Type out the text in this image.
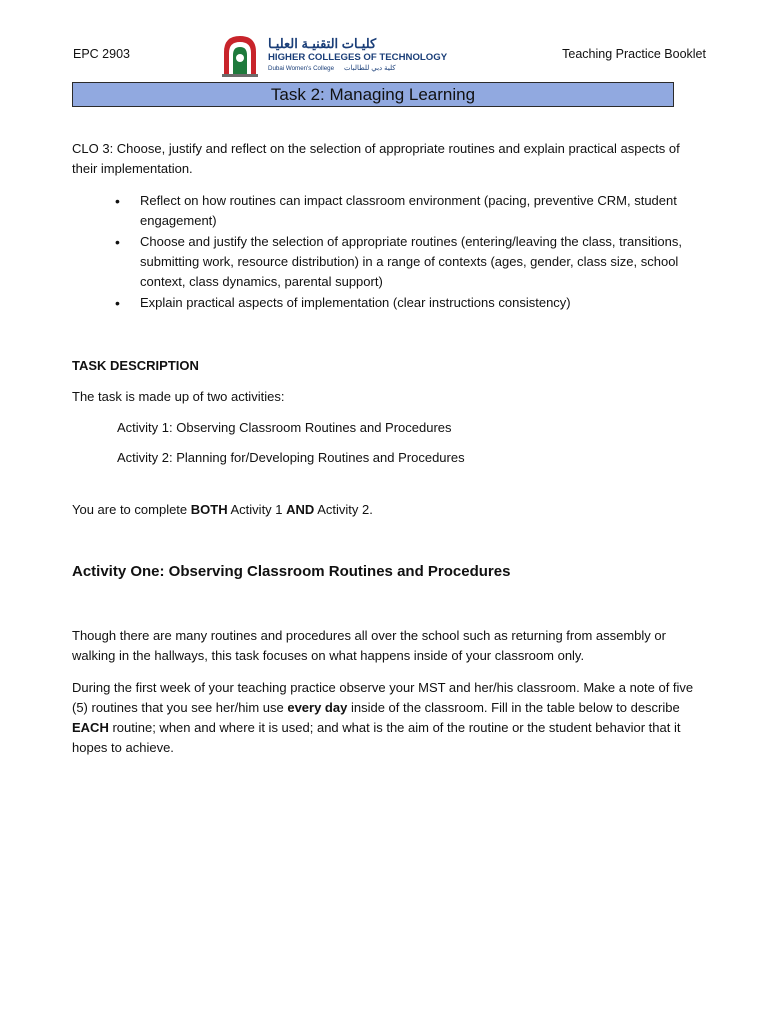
EPC 2903
كليـات التقنيـة العليـا
HIGHER COLLEGES OF TECHNOLOGY
Dubai Women's College كلية دبي للطالبات
Teaching Practice Booklet
Task 2: Managing Learning
CLO 3: Choose, justify and reflect on the selection of appropriate routines and explain practical aspects of their implementation.
• Reflect on how routines can impact classroom environment (pacing, preventive CRM, student engagement)
• Choose and justify the selection of appropriate routines (entering/leaving the class, transitions, submitting work, resource distribution) in a range of contexts (ages, gender, class size, school context, class dynamics, parental support)
• Explain practical aspects of implementation (clear instructions consistency)
TASK DESCRIPTION
The task is made up of two activities:
Activity 1: Observing Classroom Routines and Procedures
Activity 2: Planning for/Developing Routines and Procedures
You are to complete BOTH Activity 1 AND Activity 2.
Activity One: Observing Classroom Routines and Procedures
Though there are many routines and procedures all over the school such as returning from assembly or walking in the hallways, this task focuses on what happens inside of your classroom only.
During the first week of your teaching practice observe your MST and her/his classroom. Make a note of five (5) routines that you see her/him use every day inside of the classroom. Fill in the table below to describe EACH routine; when and where it is used; and what is the aim of the routine or the student behavior that it hopes to achieve.
